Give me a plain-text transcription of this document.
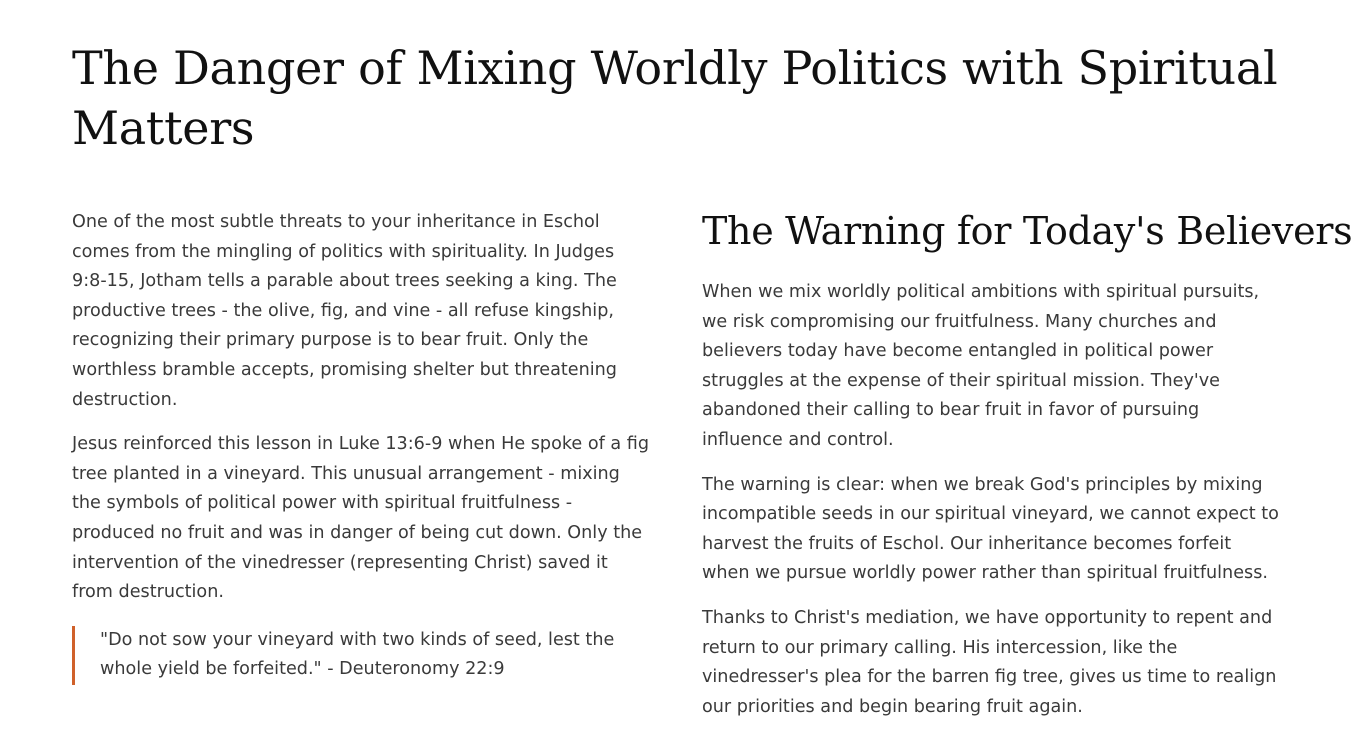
The Danger of Mixing Worldly Politics with Spiritual Matters

One of the most subtle threats to your inheritance in Eschol comes from the mingling of politics with spirituality. In Judges 9:8-15, Jotham tells a parable about trees seeking a king. The productive trees - the olive, fig, and vine - all refuse kingship, recognizing their primary purpose is to bear fruit. Only the worthless bramble accepts, promising shelter but threatening destruction.

Jesus reinforced this lesson in Luke 13:6-9 when He spoke of a fig tree planted in a vineyard. This unusual arrangement - mixing the symbols of political power with spiritual fruitfulness - produced no fruit and was in danger of being cut down. Only the intervention of the vinedresser (representing Christ) saved it from destruction.

"Do not sow your vineyard with two kinds of seed, lest the whole yield be forfeited." - Deuteronomy 22:9
The Warning for Today's Believers

When we mix worldly political ambitions with spiritual pursuits, we risk compromising our fruitfulness. Many churches and believers today have become entangled in political power struggles at the expense of their spiritual mission. They've abandoned their calling to bear fruit in favor of pursuing influence and control.

The warning is clear: when we break God's principles by mixing incompatible seeds in our spiritual vineyard, we cannot expect to harvest the fruits of Eschol. Our inheritance becomes forfeit when we pursue worldly power rather than spiritual fruitfulness.

Thanks to Christ's mediation, we have opportunity to repent and return to our primary calling. His intercession, like the vinedresser's plea for the barren fig tree, gives us time to realign our priorities and begin bearing fruit again.
